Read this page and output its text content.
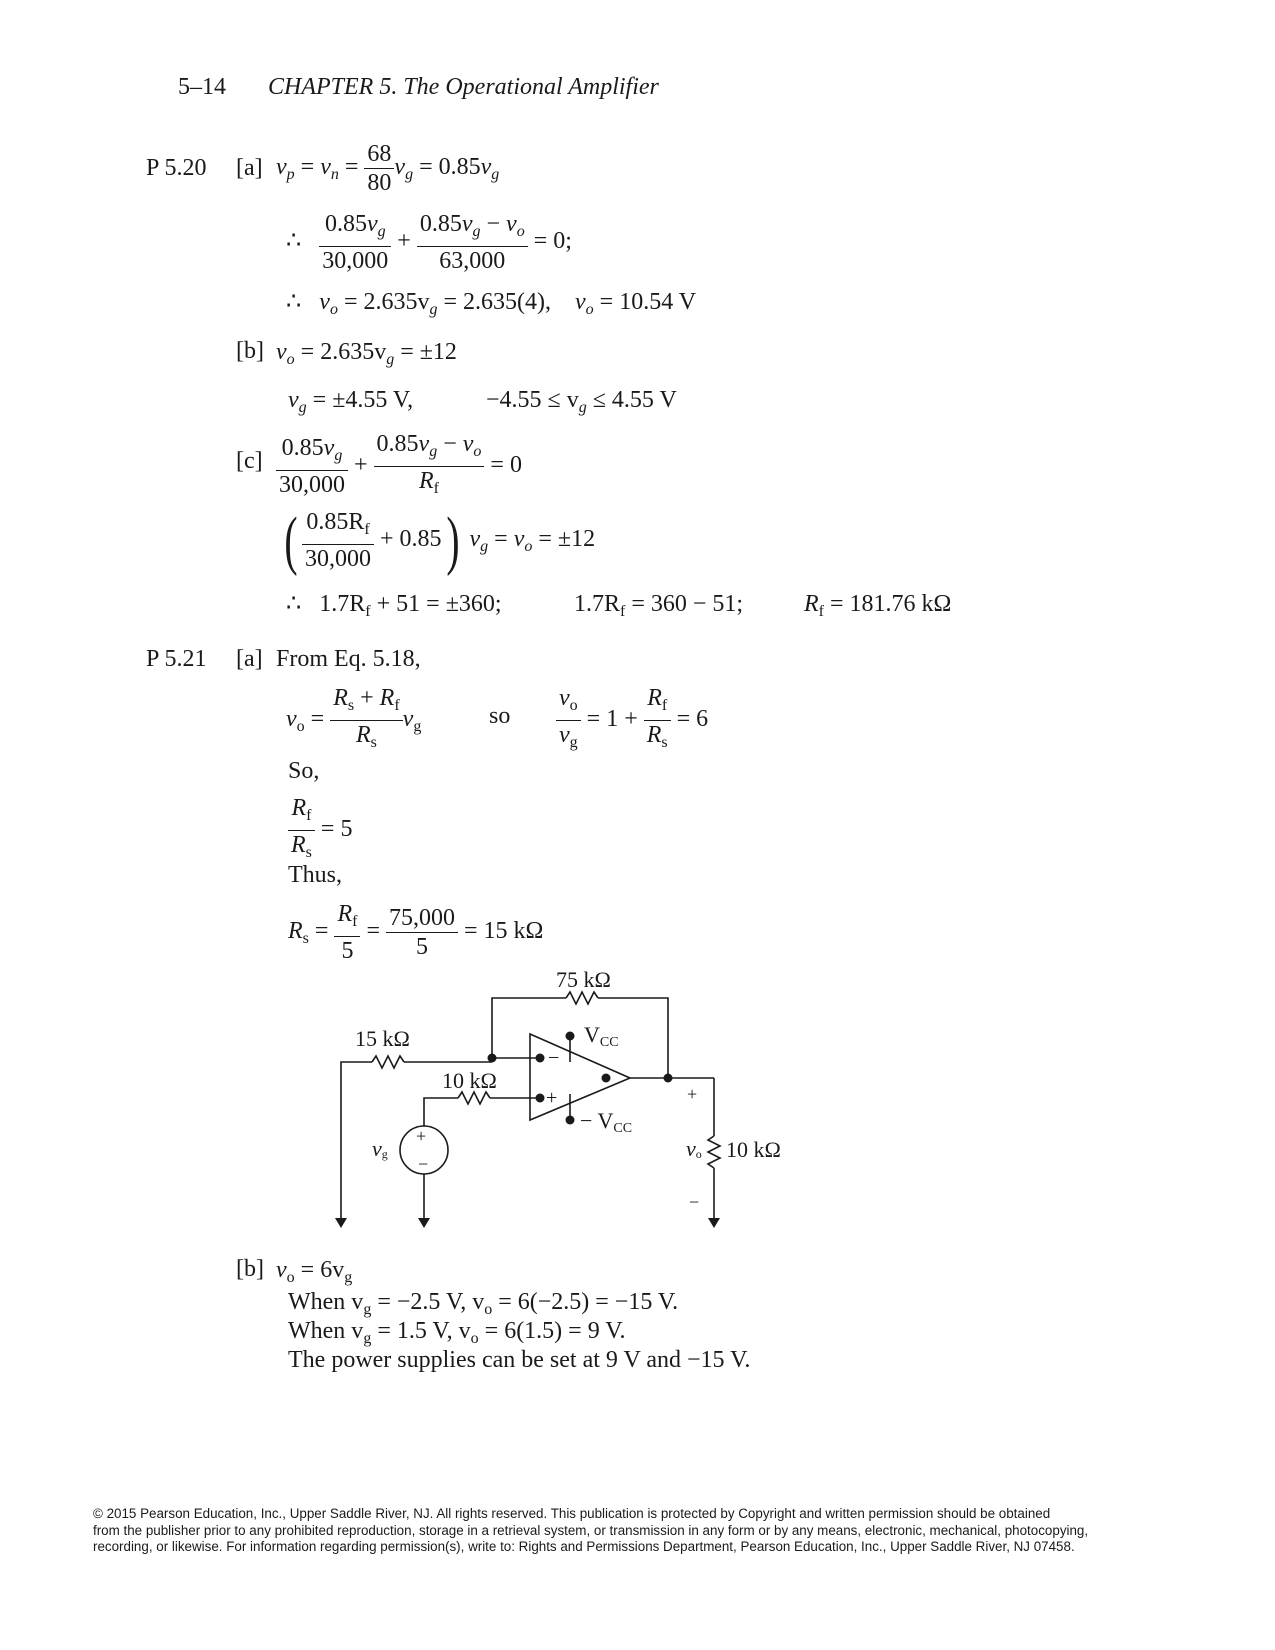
5–14 CHAPTER 5. The Operational Amplifier
P 5.20 [a] $v_p = v_n = \frac{68}{80} v_g = 0.85v_g$
∴ $\frac{0.85v_g}{30,000} + \frac{0.85v_g - v_o}{63,000} = 0$;
∴   $v_o = 2.635v_g = 2.635(4)$, $v_o = 10.54$ V
[b] $v_o = 2.635v_g = \pm 12$
$v_g = \pm 4.55$ V,	$-4.55 \le v_g \le 4.55$ V
$[c] \frac{0.85v_g}{30,000} + \frac{0.85v_g - v_o}{R_f} = 0$
( $\frac{0.85R_f}{30,000} + 0.85$) $v_g = v_o = \pm 12$
∴   $1.7R_f + 51 = \pm 360$;	$1.7R_f = 360 - 51$;	$R_f = 181.76$ kΩ
P 5.21 [a] From Eq. 5.18,
$v_o = \frac{R_s + R_f}{R_s} v_g$	so $\frac{v_o}{v_g} = 1 + \frac{R_f}{R_s} = 6$
So,
$\frac{R_f}{R_s} = 5$
Thus,
$R_s = \frac{R_f}{5} = \frac{75,000}{5} = 15$ kΩ
75 kΩ
15 kΩ
10 kΩ
10 kΩ
−
+
VCC
− VCC
vg
+
−
vo
+
−
[b] $v_o = 6v_g$
When $v_g = -2.5$ V, $v_o = 6(-2.5) = -15$ V.
When $v_g = 1.5$ V, $v_o = 6(1.5) = 9$ V.
The power supplies can be set at 9 V and −15 V.
© 2015 Pearson Education, Inc., Upper Saddle River, NJ. All rights reserved. This publication is protected by Copyright and written permission should be obtained
from the publisher prior to any prohibited reproduction, storage in a retrieval system, or transmission in any form or by any means, electronic, mechanical, photocopying,
recording, or likewise. For information regarding permission(s), write to: Rights and Permissions Department, Pearson Education, Inc., Upper Saddle River, NJ 07458.
